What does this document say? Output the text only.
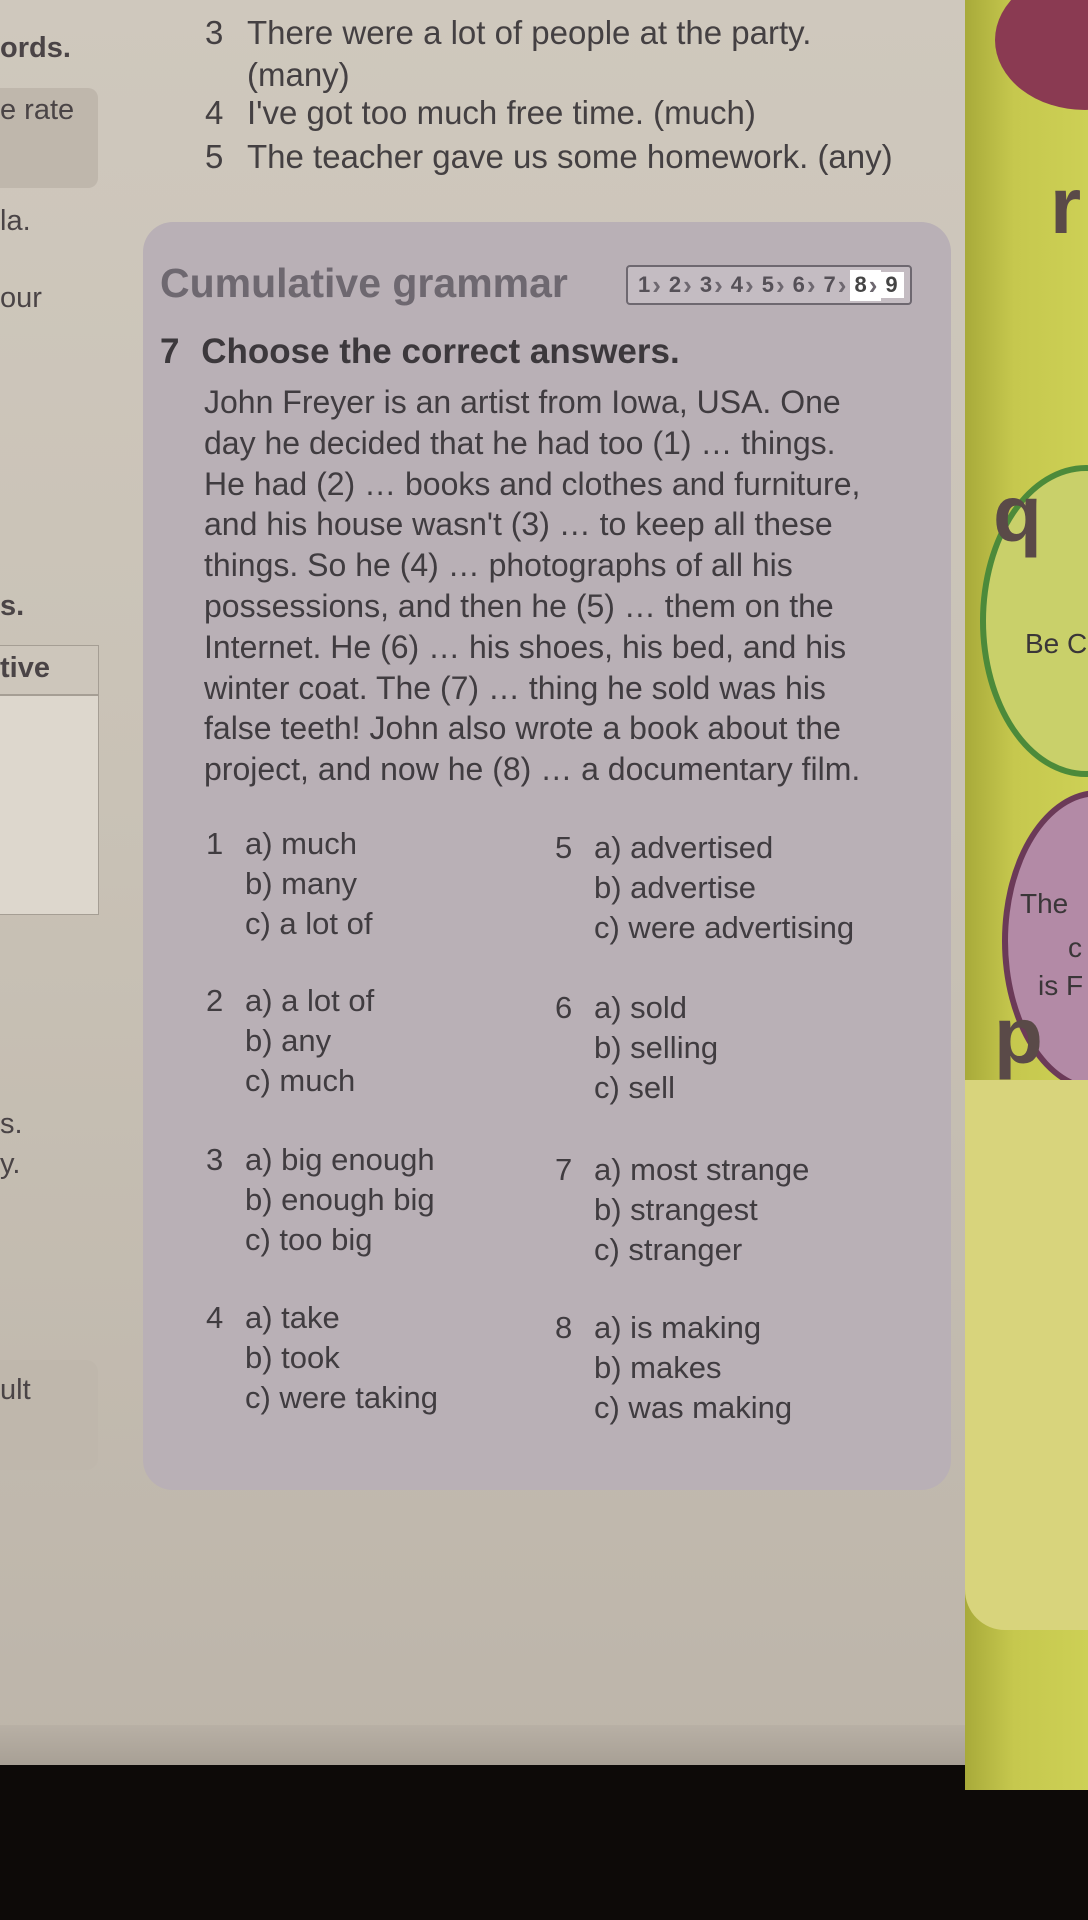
r
q
p
Be C
The
c
is F
ords.
e rate
la.
our
s.
tive
s.
y.
ult
3 There were a lot of people at the party.
(many)
4 I've got too much free time. (much)
5 The teacher gave us some homework. (any)
Cumulative grammar	1 › 2 › 3 › 4 › 5 › 6 › 7 › 8 › 9
7 Choose the correct answers.
John Freyer is an artist from Iowa, USA. One
day he decided that he had too (1) … things.
He had (2) … books and clothes and furniture,
and his house wasn't (3) … to keep all these
things. So he (4) … photographs of all his
possessions, and then he (5) … them on the
Internet. He (6) … his shoes, his bed, and his
winter coat. The (7) … thing he sold was his
false teeth! John also wrote a book about the
project, and now he (8) … a documentary film.
1 a) much
b) many
c) a lot of
2 a) a lot of
b) any
c) much
3 a) big enough
b) enough big
c) too big
4 a) take
b) took
c) were taking
5 a) advertised
b) advertise
c) were advertising
6 a) sold
b) selling
c) sell
7 a) most strange
b) strangest
c) stranger
8 a) is making
b) makes
c) was making
